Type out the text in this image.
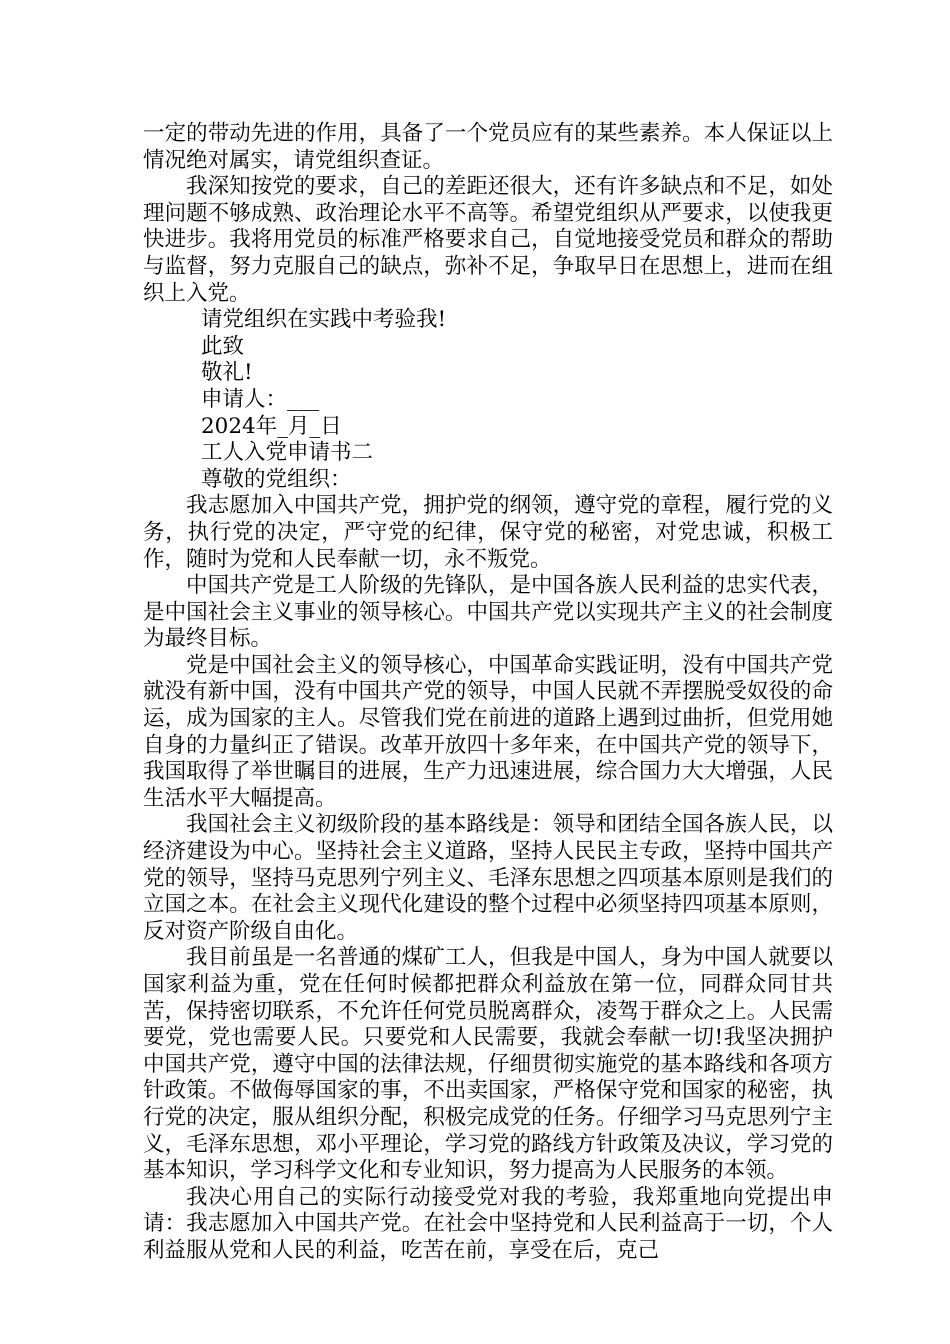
一定的带动先进的作用，具备了一个党员应有的某些素养。本人保证以上情况绝对属实，请党组织查证。

我深知按党的要求，自己的差距还很大，还有许多缺点和不足，如处理问题不够成熟、政治理论水平不高等。希望党组织从严要求，以使我更快进步。我将用党员的标准严格要求自己，自觉地接受党员和群众的帮助与监督，努力克服自己的缺点，弥补不足，争取早日在思想上，进而在组织上入党。

请党组织在实践中考验我!

此致

敬礼!

申请人：___

2024年_月_日

工人入党申请书二

尊敬的党组织：

我志愿加入中国共产党，拥护党的纲领，遵守党的章程，履行党的义务，执行党的决定，严守党的纪律，保守党的秘密，对党忠诚，积极工作，随时为党和人民奉献一切，永不叛党。

中国共产党是工人阶级的先锋队，是中国各族人民利益的忠实代表，是中国社会主义事业的领导核心。中国共产党以实现共产主义的社会制度为最终目标。

党是中国社会主义的领导核心，中国革命实践证明，没有中国共产党就没有新中国，没有中国共产党的领导，中国人民就不弄摆脱受奴役的命运，成为国家的主人。尽管我们党在前进的道路上遇到过曲折，但党用她自身的力量纠正了错误。改革开放四十多年来，在中国共产党的领导下，我国取得了举世瞩目的进展，生产力迅速进展，综合国力大大增强，人民生活水平大幅提高。

我国社会主义初级阶段的基本路线是：领导和团结全国各族人民，以经济建设为中心。坚持社会主义道路，坚持人民民主专政，坚持中国共产党的领导，坚持马克思列宁列主义、毛泽东思想之四项基本原则是我们的立国之本。在社会主义现代化建设的整个过程中必须坚持四项基本原则，反对资产阶级自由化。

我目前虽是一名普通的煤矿工人，但我是中国人，身为中国人就要以国家利益为重，党在任何时候都把群众利益放在第一位，同群众同甘共苦，保持密切联系，不允许任何党员脱离群众，凌驾于群众之上。人民需要党，党也需要人民。只要党和人民需要，我就会奉献一切!我坚决拥护中国共产党，遵守中国的法律法规，仔细贯彻实施党的基本路线和各项方针政策。不做侮辱国家的事，不出卖国家，严格保守党和国家的秘密，执行党的决定，服从组织分配，积极完成党的任务。仔细学习马克思列宁主义，毛泽东思想，邓小平理论，学习党的路线方针政策及决议，学习党的基本知识，学习科学文化和专业知识，努力提高为人民服务的本领。

我决心用自己的实际行动接受党对我的考验，我郑重地向党提出申请：我志愿加入中国共产党。在社会中坚持党和人民利益高于一切，个人利益服从党和人民的利益，吃苦在前，享受在后，克己
